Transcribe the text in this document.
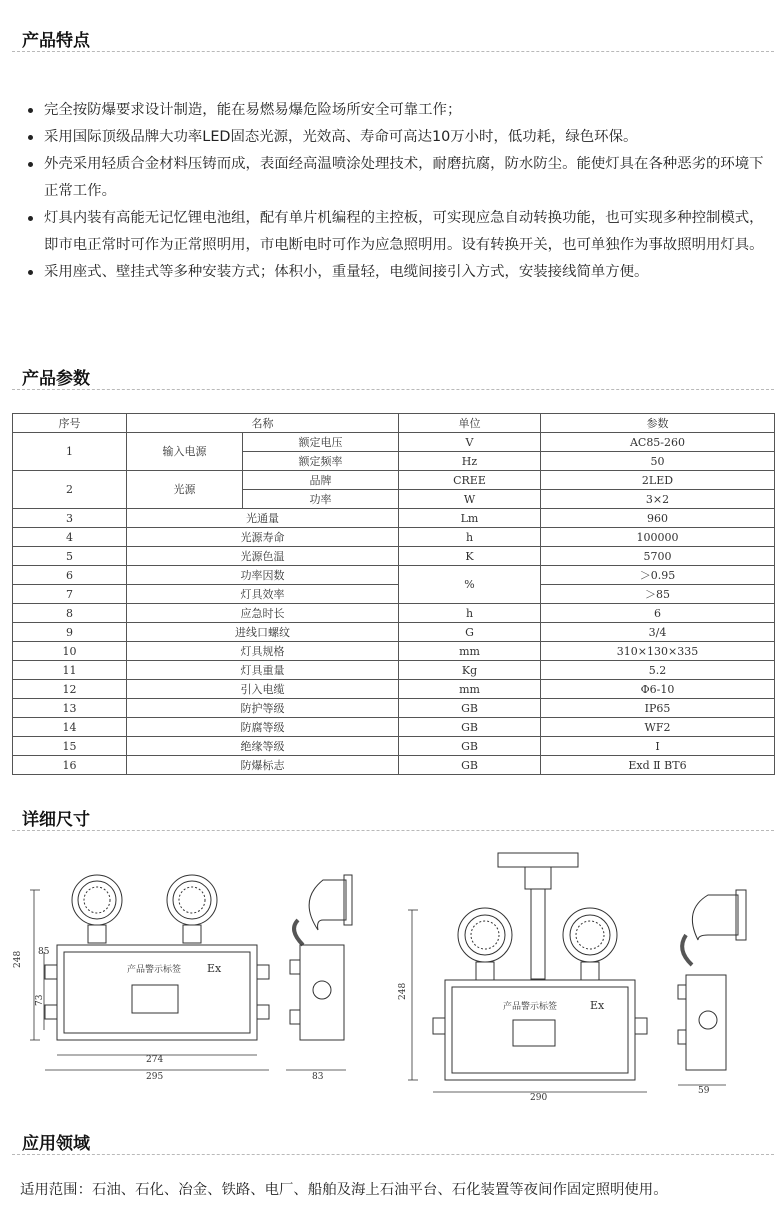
产品特点
完全按防爆要求设计制造，能在易燃易爆危险场所安全可靠工作；
采用国际顶级品牌大功率LED固态光源，光效高、寿命可高达10万小时，低功耗，绿色环保。
外壳采用轻质合金材料压铸而成，表面经高温喷涂处理技术，耐磨抗腐，防水防尘。能使灯具在各种恶劣的环境下正常工作。
灯具内装有高能无记忆锂电池组，配有单片机编程的主控板，可实现应急自动转换功能，也可实现多种控制模式，即市电正常时可作为正常照明用，市电断电时可作为应急照明用。设有转换开关，也可单独作为事故照明用灯具。
采用座式、壁挂式等多种安装方式；体积小，重量轻，电缆间接引入方式，安装接线简单方便。
产品参数
序号	名称		单位	参数
1	输入电源	额定电压	V	AC85-260
		额定频率	Hz	50
2	光源	品牌	CREE	2LED
		功率	W	3×2
3	光通量		Lm	960
4	光源寿命		h	100000
5	光源色温		K	5700
6	功率因数		%	＞0.95
7	灯具效率			＞85
8	应急时长		h	6
9	进线口螺纹		G	3/4
10	灯具规格		mm	310×130×335
11	灯具重量		Kg	5.2
12	引入电缆		mm	Φ6-10
13	防护等级		GB	IP65
14	防腐等级		GB	WF2
15	绝缘等级		GB	Ⅰ
16	防爆标志		GB	Exd Ⅱ BT6
详细尺寸
248 85
73
274
295
产品警示标签 Ex
83
248
290
产品警示标签	Ex
59
应用领域
适用范围：石油、石化、冶金、铁路、电厂、船舶及海上石油平台、石化装置等夜间作固定照明使用。
